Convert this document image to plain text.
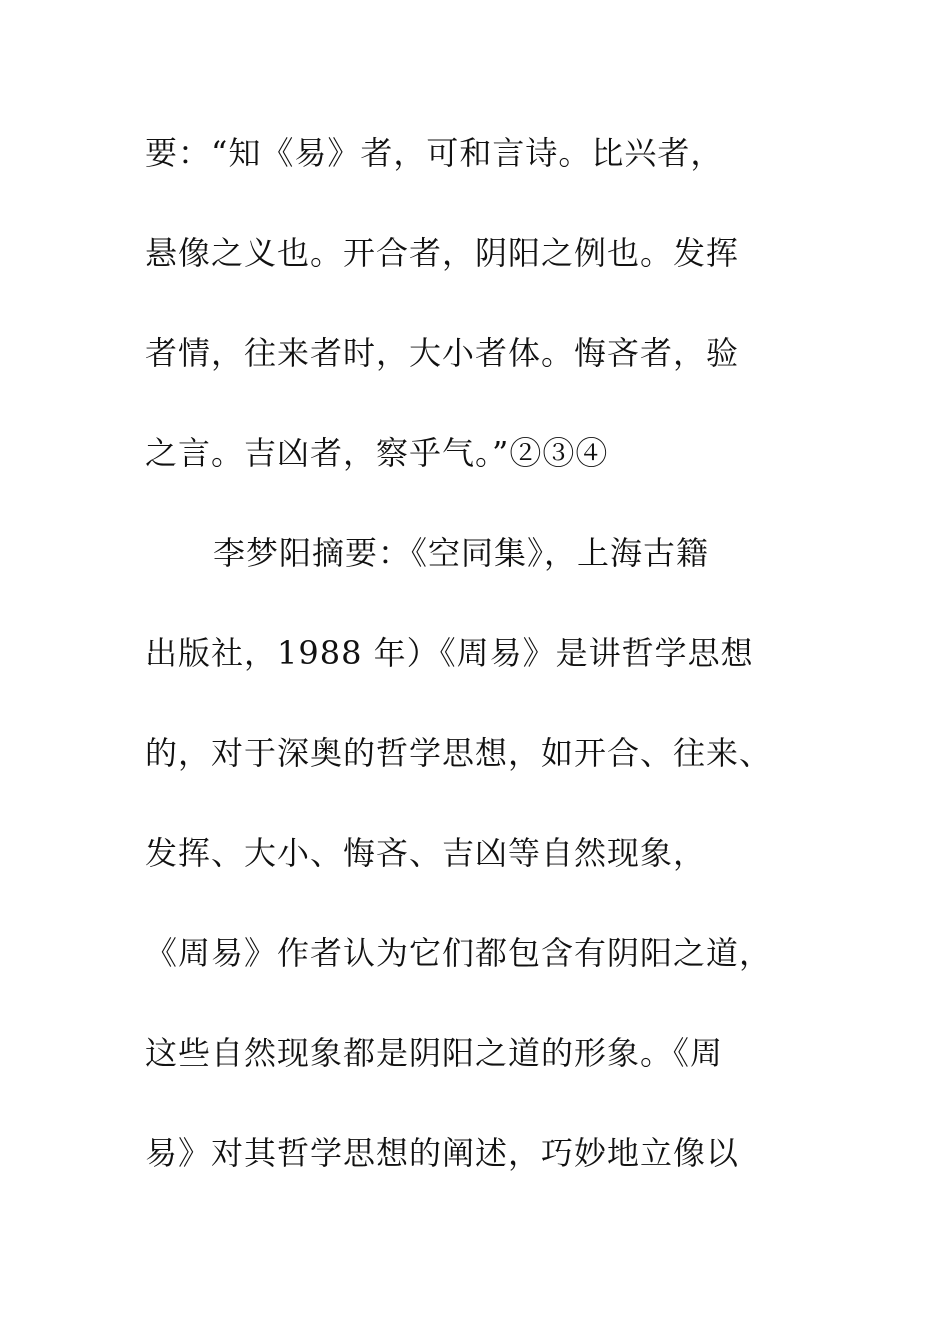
要：“知《易》者，可和言诗。比兴者，
悬像之义也。开合者，阴阳之例也。发挥
者情，往来者时，大小者体。悔吝者，验
之言。吉凶者，察乎气。”②③④
李梦阳摘要：《空同集》，上海古籍
出版社，1988 年）《周易》是讲哲学思想
的，对于深奥的哲学思想，如开合、往来、
发挥、大小、悔吝、吉凶等自然现象，
《周易》作者认为它们都包含有阴阳之道，
这些自然现象都是阴阳之道的形象。《周
易》对其哲学思想的阐述，巧妙地立像以
